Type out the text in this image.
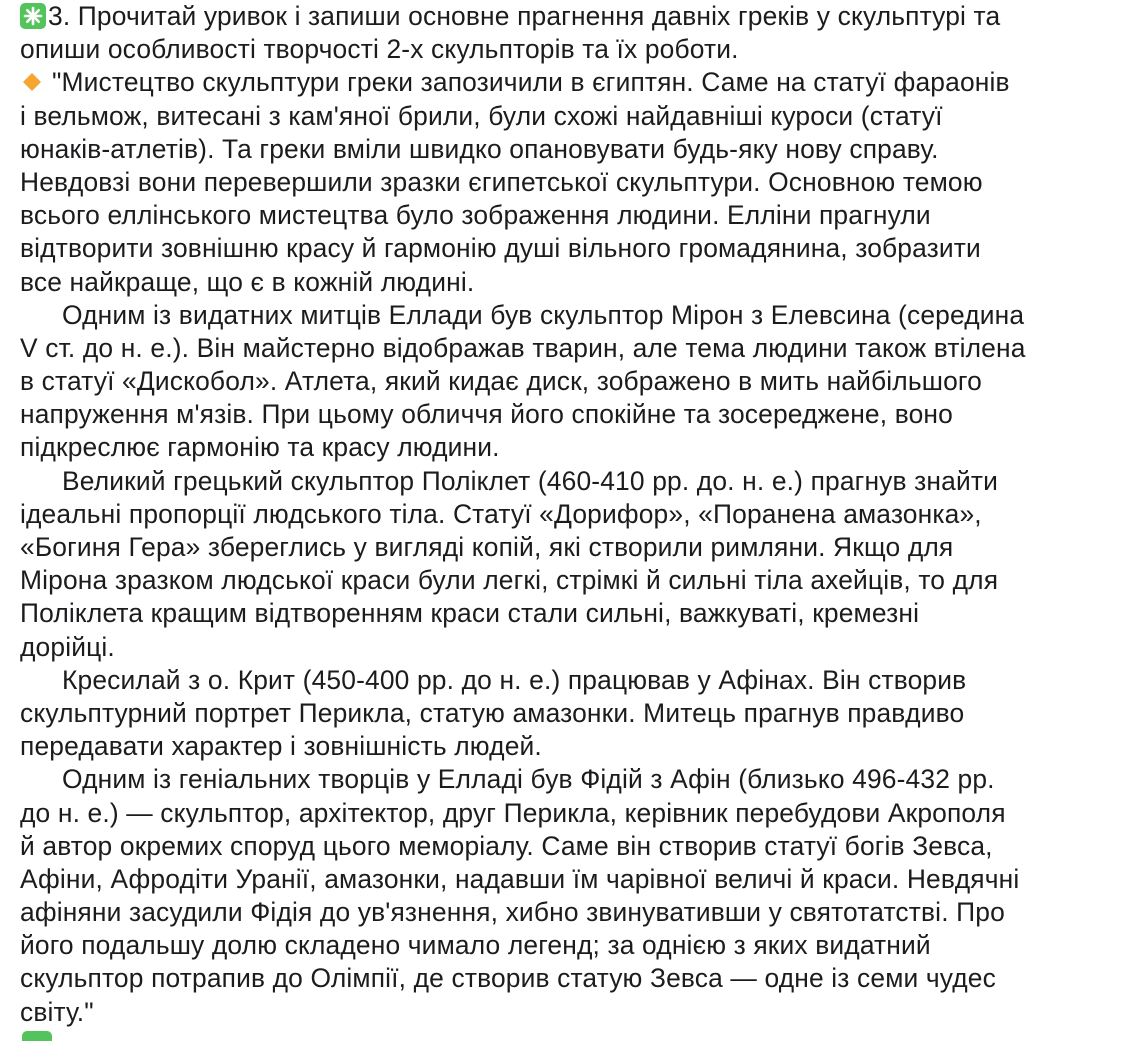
3. Прочитай уривок і запиши основне прагнення давніх греків у скульптурі та
опиши особливості творчості 2-х скульпторів та їх роботи.
"Мистецтво скульптури греки запозичили в єгиптян. Саме на статуї фараонів
і вельмож, витесані з кам'яної брили, були схожі найдавніші куроси (статуї
юнаків-атлетів). Та греки вміли швидко опановувати будь-яку нову справу.
Невдовзі вони перевершили зразки єгипетської скульптури. Основною темою
всього еллінського мистецтва було зображення людини. Елліни прагнули
відтворити зовнішню красу й гармонію душі вільного громадянина, зобразити
все найкраще, що є в кожній людині.
Одним із видатних митців Еллади був скульптор Мірон з Елевсина (середина
V ст. до н. е.). Він майстерно відображав тварин, але тема людини також втілена
в статуї «Дискобол». Атлета, який кидає диск, зображено в мить найбільшого
напруження м'язів. При цьому обличчя його спокійне та зосереджене, воно
підкреслює гармонію та красу людини.
Великий грецький скульптор Поліклет (460-410 pp. до. н. е.) прагнув знайти
ідеальні пропорції людського тіла. Статуї «Дорифор», «Поранена амазонка»,
«Богиня Гера» збереглись у вигляді копій, які створили римляни. Якщо для
Мірона зразком людської краси були легкі, стрімкі й сильні тіла ахейців, то для
Поліклета кращим відтворенням краси стали сильні, важкуваті, кремезні
дорійці.
Кресилай з о. Крит (450-400 pp. до н. е.) працював у Афінах. Він створив
скульптурний портрет Перикла, статую амазонки. Митець прагнув правдиво
передавати характер і зовнішність людей.
Одним із геніальних творців у Елладі був Фідій з Афін (близько 496-432 pp.
до н. е.) — скульптор, архітектор, друг Перикла, керівник перебудови Акрополя
й автор окремих споруд цього меморіалу. Саме він створив статуї богів Зевса,
Афіни, Афродіти Уранії, амазонки, надавши їм чарівної величі й краси. Невдячні
афіняни засудили Фідія до ув'язнення, хибно звинувативши у святотатстві. Про
його подальшу долю складено чимало легенд; за однією з яких видатний
скульптор потрапив до Олімпії, де створив статую Зевса — одне із семи чудес
світу."
